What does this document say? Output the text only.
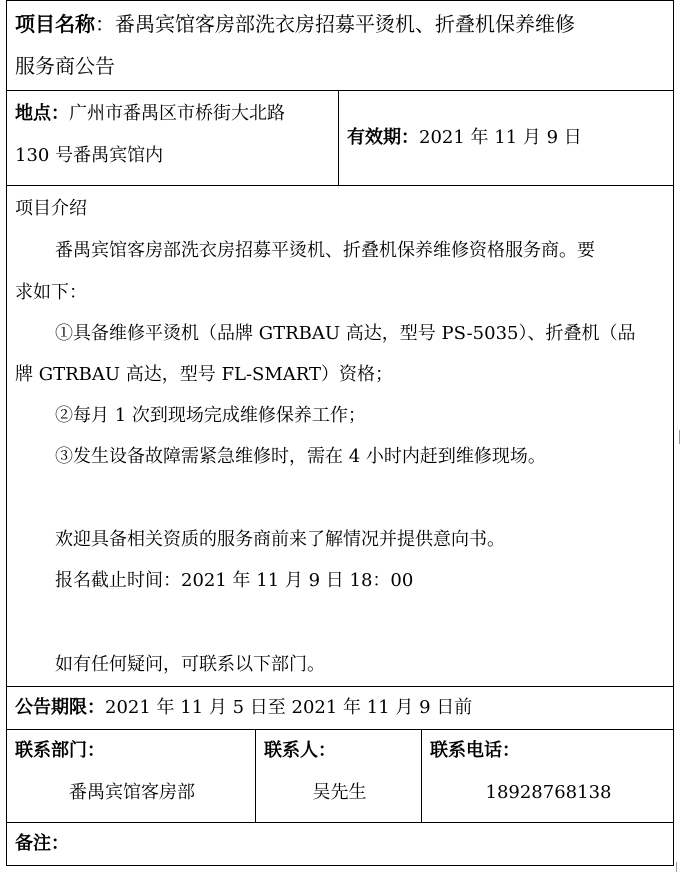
项目名称：番禺宾馆客房部洗衣房招募平烫机、折叠机保养维修
服务商公告
地点：广州市番禺区市桥街大北路
130 号番禺宾馆内
有效期：2021 年 11 月 9 日
项目介绍
番禺宾馆客房部洗衣房招募平烫机、折叠机保养维修资格服务商。要
求如下：
①具备维修平烫机（品牌 GTRBAU 高达，型号 PS-5035）、折叠机（品
牌 GTRBAU 高达，型号 FL-SMART）资格；
②每月 1 次到现场完成维修保养工作；
③发生设备故障需紧急维修时，需在 4 小时内赶到维修现场。
欢迎具备相关资质的服务商前来了解情况并提供意向书。
报名截止时间：2021 年 11 月 9 日 18：00
如有任何疑问，可联系以下部门。
公告期限：2021 年 11 月 5 日至 2021 年 11 月 9 日前
联系部门：
番禺宾馆客房部
联系人：
吴先生
联系电话：
18928768138
备注：
